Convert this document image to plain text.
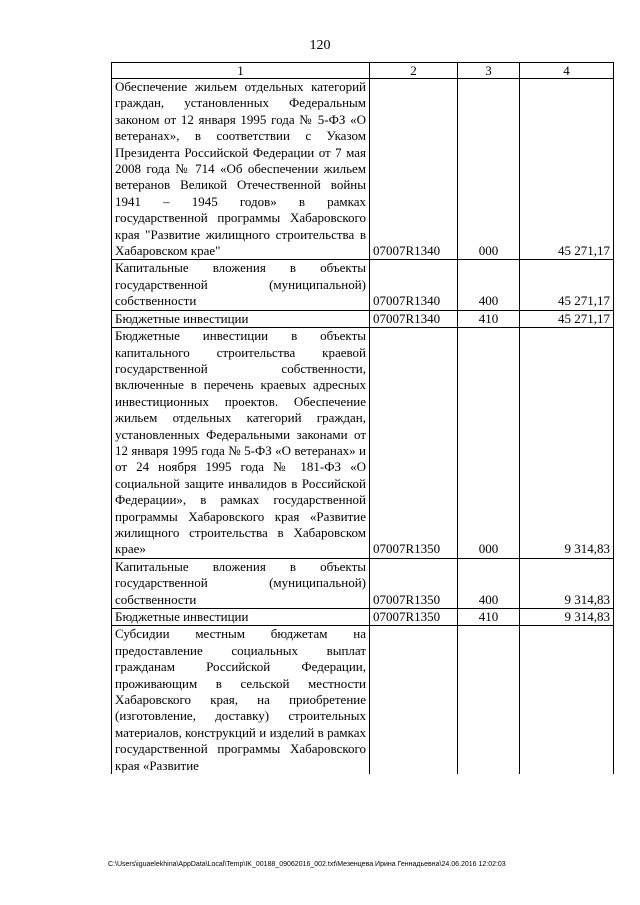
120
1	2	3	4
Обеспечение жильем отдельных категорий граждан, установленных Федеральным законом от 12 января 1995 года № 5-ФЗ «О ветеранах», в соответствии с Указом Президента Российской Федерации от 7 мая 2008 года № 714 «Об обеспечении жильем ветеранов Великой Отечественной войны 1941 – 1945 годов» в рамках государственной программы Хабаровского края "Развитие жилищного строительства в Хабаровском крае"	07007R1340	000	45 271,17
Капитальные вложения в объекты государственной (муниципальной) собственности	07007R1340	400	45 271,17
Бюджетные инвестиции	07007R1340	410	45 271,17
Бюджетные инвестиции в объекты капитального строительства краевой государственной собственности, включенные в перечень краевых адресных инвестиционных проектов. Обеспечение жильем отдельных категорий граждан, установленных Федеральными законами от 12 января 1995 года № 5-ФЗ «О ветеранах» и от 24 ноября 1995 года № 181-ФЗ «О социальной защите инвалидов в Российской Федерации», в рамках государственной программы Хабаровского края «Развитие жилищного строительства в Хабаровском крае»	07007R1350	000	9 314,83
Капитальные вложения в объекты государственной (муниципальной) собственности	07007R1350	400	9 314,83
Бюджетные инвестиции	07007R1350	410	9 314,83
Субсидии местным бюджетам на предоставление социальных выплат гражданам Российской Федерации, проживающим в сельской местности Хабаровского края, на приобретение (изготовление, доставку) строительных материалов, конструкций и изделий в рамках государственной программы Хабаровского края «Развитие			
C:\Users\iguaelekhina\AppData\Local\Temp\IK_00188_09062016_002.txt\Мезенцева Ирина Геннадьевна\24.06.2016 12:02:03
